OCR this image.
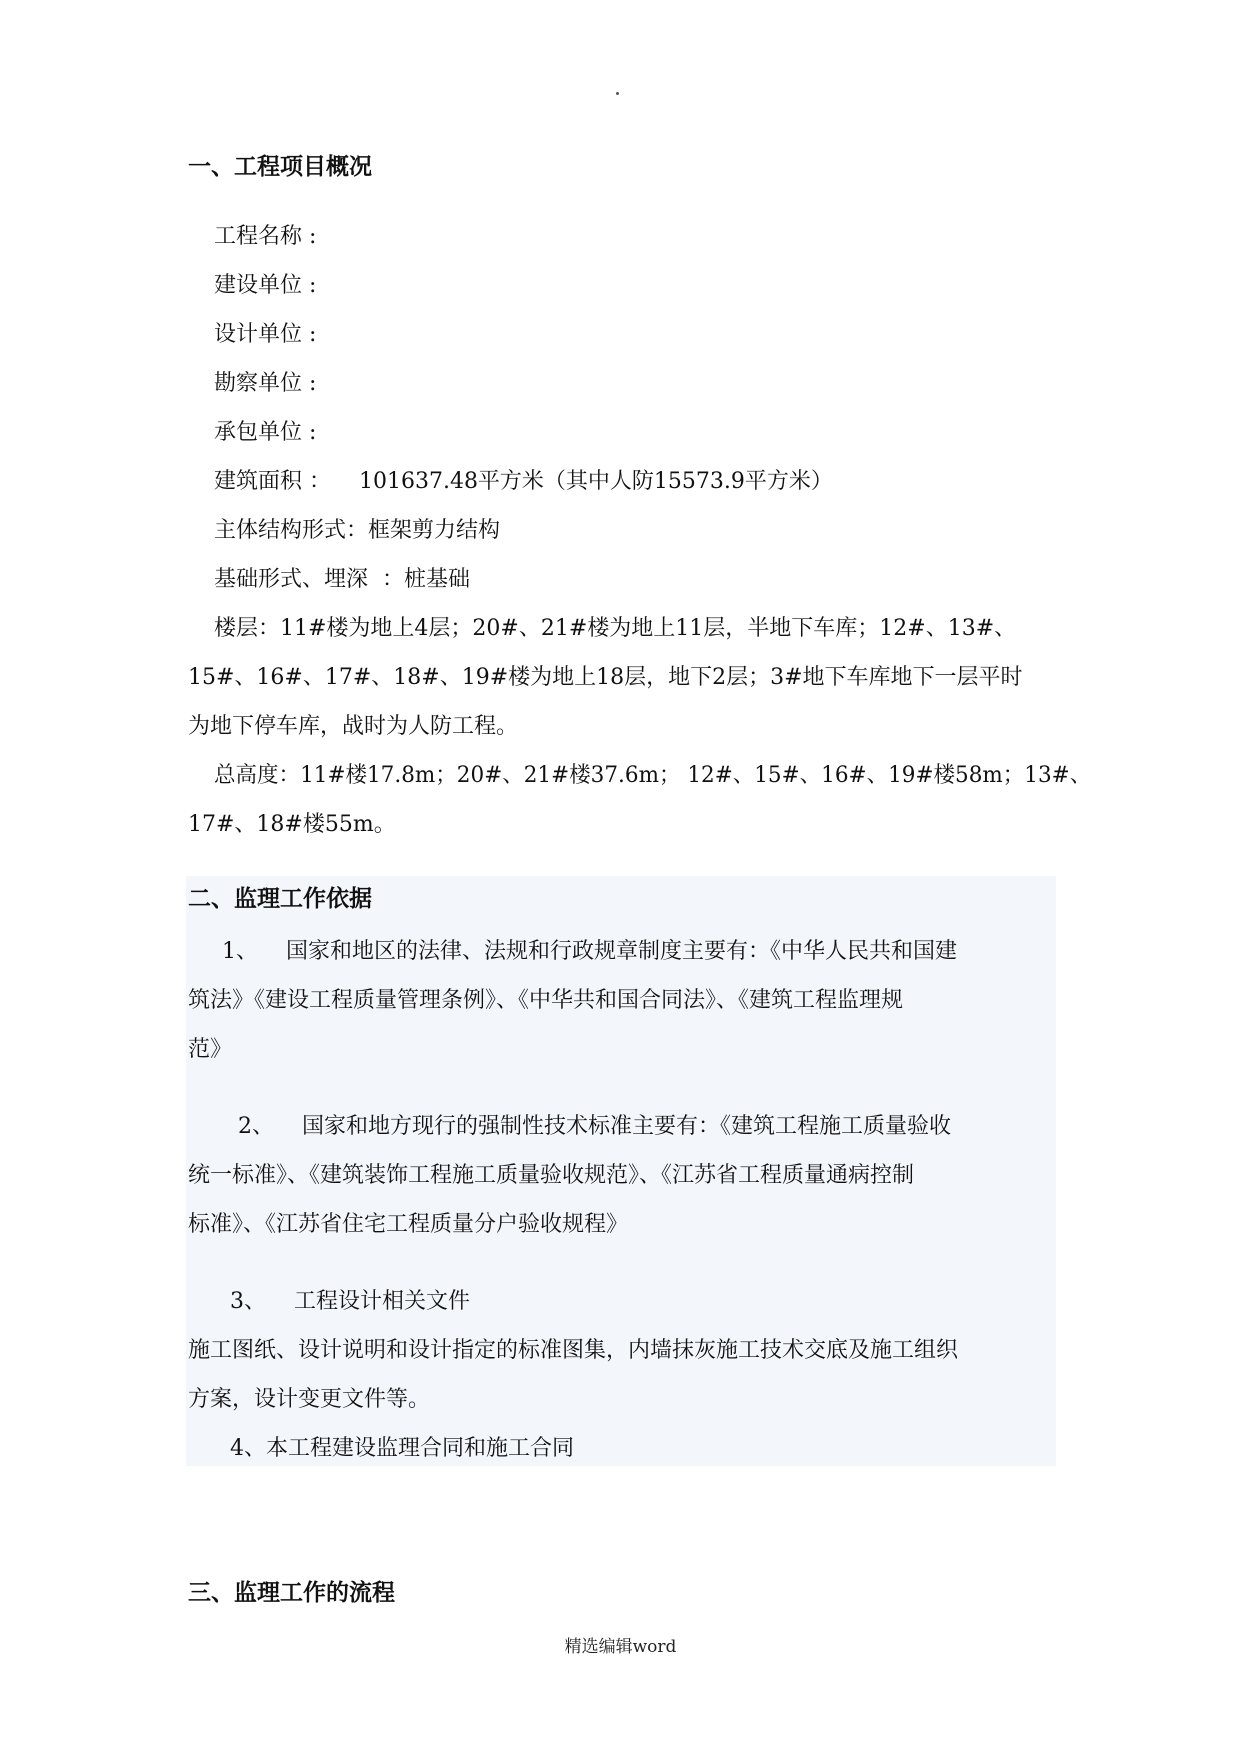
一、工程项目概况
工程名称 :
建设单位 :
设计单位 :
勘察单位 :
承包单位 :
建筑面积 ：    101637.48平方米（其中人防15573.9平方米）
主体结构形式：框架剪力结构
基础形式、埋深  ：桩基础
楼层：11#楼为地上4层；20#、21#楼为地上11层，半地下车库；12#、13#、
15#、16#、17#、18#、19#楼为地上18层，地下2层；3#地下车库地下一层平时
为地下停车库，战时为人防工程。
总高度：11#楼17.8m；20#、21#楼37.6m； 12#、15#、16#、19#楼58m；13#、
17#、18#楼55m。
二、监理工作依据
1、    国家和地区的法律、法规和行政规章制度主要有：《中华人民共和国建
筑法》《建设工程质量管理条例》、《中华共和国合同法》、《建筑工程监理规
范》
2、    国家和地方现行的强制性技术标准主要有：《建筑工程施工质量验收
统一标准》、《建筑装饰工程施工质量验收规范》、《江苏省工程质量通病控制
标准》、《江苏省住宅工程质量分户验收规程》
3、    工程设计相关文件
施工图纸、设计说明和设计指定的标准图集，内墙抹灰施工技术交底及施工组织
方案，设计变更文件等。
4、本工程建设监理合同和施工合同
三、监理工作的流程
精选编辑word
